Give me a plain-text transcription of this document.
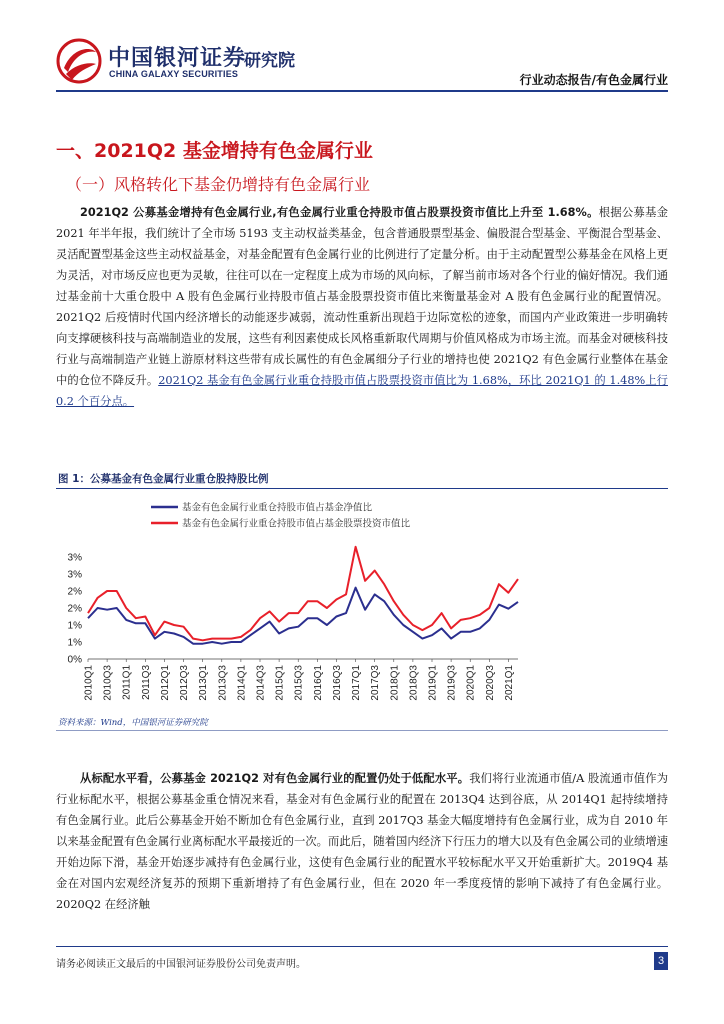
中国银河证券
CHINA GALAXY SECURITIES
研究院
行业动态报告/有色金属行业
一、2021Q2 基金增持有色金属行业
（一）风格转化下基金仍增持有色金属行业
2021Q2 公募基金增持有色金属行业,有色金属行业重仓持股市值占股票投资市值比上升至 1.68%。根据公募基金 2021 年半年报，我们统计了全市场 5193 支主动权益类基金，包含普通股票型基金、偏股混合型基金、平衡混合型基金、灵活配置型基金这些主动权益基金，对基金配置有色金属行业的比例进行了定量分析。由于主动配置型公募基金在风格上更为灵活，对市场反应也更为灵敏，往往可以在一定程度上成为市场的风向标，了解当前市场对各个行业的偏好情况。我们通过基金前十大重仓股中 A 股有色金属行业持股市值占基金股票投资市值比来衡量基金对 A 股有色金属行业的配置情况。2021Q2 后疫情时代国内经济增长的动能逐步减弱，流动性重新出现趋于边际宽松的迹象，而国内产业政策进一步明确转向支撑硬核科技与高端制造业的发展，这些有利因素使成长风格重新取代周期与价值风格成为市场主流。而基金对硬核科技行业与高端制造产业链上游原材料这些带有成长属性的有色金属细分子行业的增持也使 2021Q2 有色金属行业整体在基金中的仓位不降反升。2021Q2 基金有色金属行业重仓持股市值占股票投资市值比为 1.68%，环比 2021Q1 的 1.48%上行 0.2 个百分点。
图 1：公募基金有色金属行业重仓股持股比例
基金有色金属行业重仓持股市值占基金净值比
基金有色金属行业重仓持股市值占基金股票投资市值比
0%
1%
1%
2%
2%
3%
3%
2010Q1 2010Q3 2011Q1 2011Q3 2012Q1 2012Q3 2013Q1 2013Q3 2014Q1 2014Q3 2015Q1 2015Q3 2016Q1 2016Q3 2017Q1 2017Q3 2018Q1 2018Q3 2019Q1 2019Q3 2020Q1 2020Q3 2021Q1
资料来源：Wind，中国银河证券研究院
从标配水平看，公募基金 2021Q2 对有色金属行业的配置仍处于低配水平。我们将行业流通市值/A 股流通市值作为行业标配水平，根据公募基金重仓情况来看，基金对有色金属行业的配置在 2013Q4 达到谷底，从 2014Q1 起持续增持有色金属行业。此后公募基金开始不断加仓有色金属行业，直到 2017Q3 基金大幅度增持有色金属行业，成为自 2010 年以来基金配置有色金属行业离标配水平最接近的一次。而此后，随着国内经济下行压力的增大以及有色金属公司的业绩增速开始边际下滑，基金开始逐步减持有色金属行业，这使有色金属行业的配置水平较标配水平又开始重新扩大。2019Q4 基金在对国内宏观经济复苏的预期下重新增持了有色金属行业，但在 2020 年一季度疫情的影响下减持了有色金属行业。2020Q2 在经济触
请务必阅读正文最后的中国银河证券股份公司免责声明。	3
